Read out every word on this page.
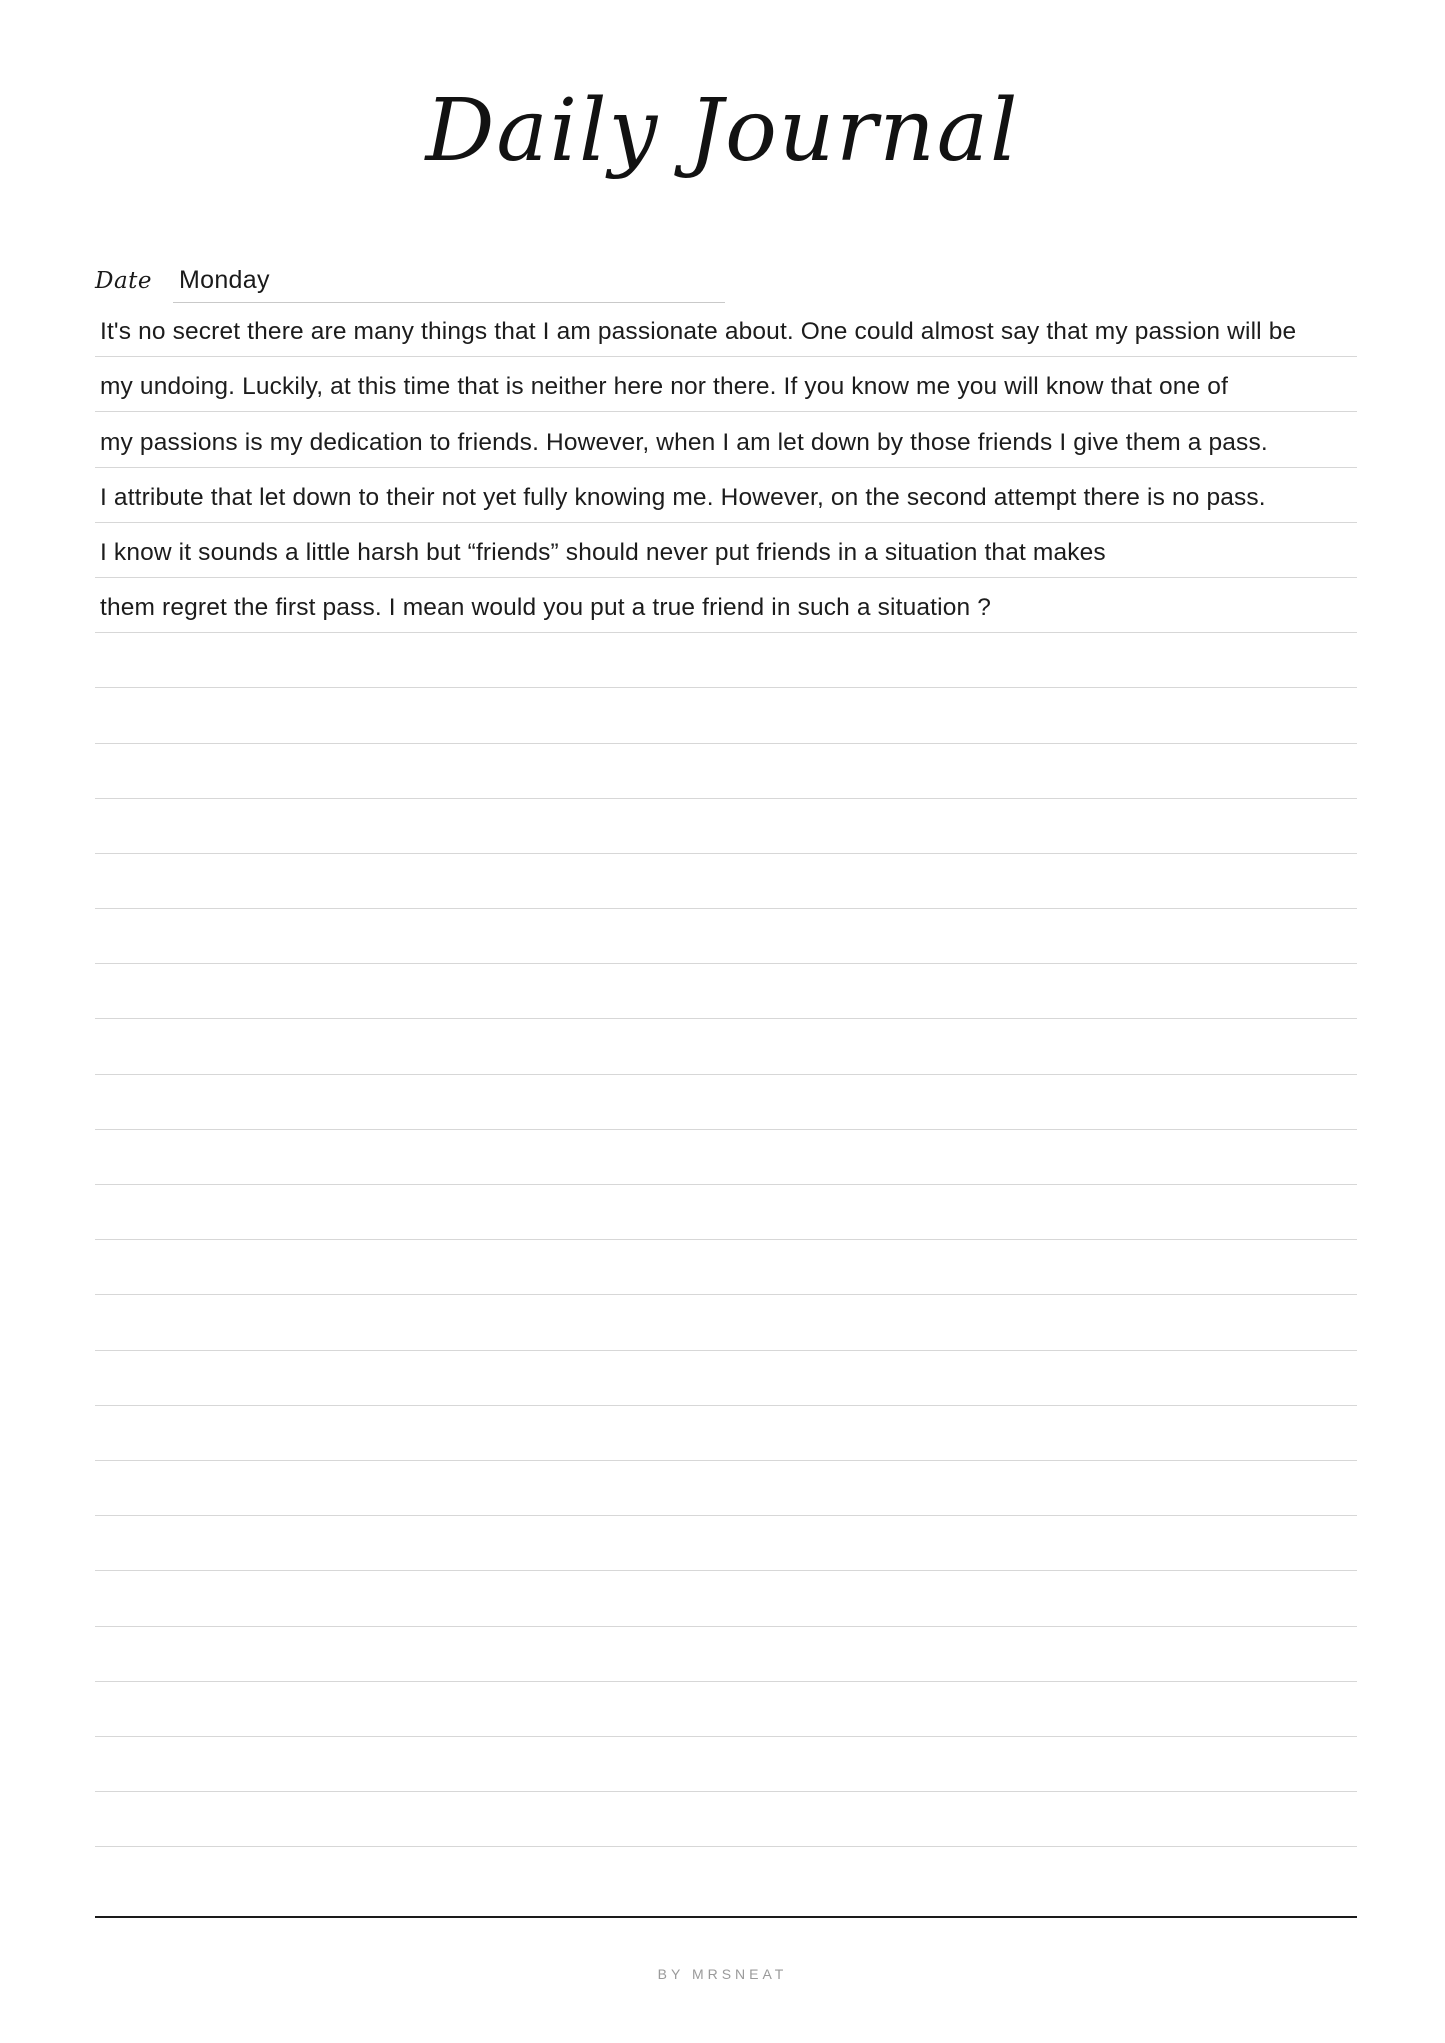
Daily Journal
Date Monday
It's no secret there are many things that I am passionate about. One could almost say that my passion will be
my undoing. Luckily, at this time that is neither here nor there. If you know me you will know that one of
my passions is my dedication to friends. However, when I am let down by those friends I give them a pass.
I attribute that let down to their not yet fully knowing me. However, on the second attempt there is no pass.
I know it sounds a little harsh but “friends” should never put friends in a situation that makes
them regret the first pass. I mean would you put a true friend in such a situation ?
BY MRSNEAT
